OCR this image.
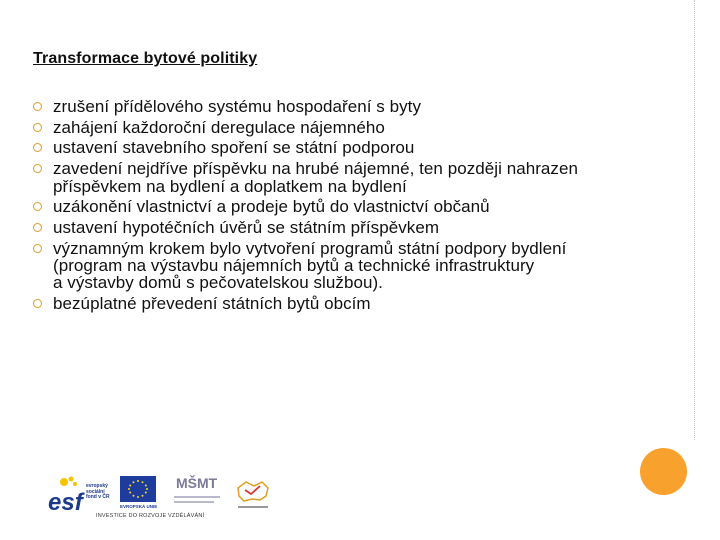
Transformace bytové politiky
zrušení přídělového systému hospodaření s byty
zahájení každoroční deregulace nájemného
ustavení stavebního spoření se státní podporou
zavedení nejdříve příspěvku na hrubé nájemné, ten později nahrazen
příspěvkem na bydlení a doplatkem na bydlení
uzákonění vlastnictví a prodeje bytů do vlastnictví občanů
ustavení hypotéčních úvěrů se státním příspěvkem
významným krokem bylo vytvoření programů státní podpory bydlení
(program na výstavbu nájemních bytů a technické infrastruktury
a výstavby domů s pečovatelskou službou).
bezúplatné převedení státních bytů obcím
esf
evropský
sociální
fond v ČR
EVROPSKÁ UNIE
MŠMT
INVESTICE DO ROZVOJE VZDĚLÁVÁNÍ
